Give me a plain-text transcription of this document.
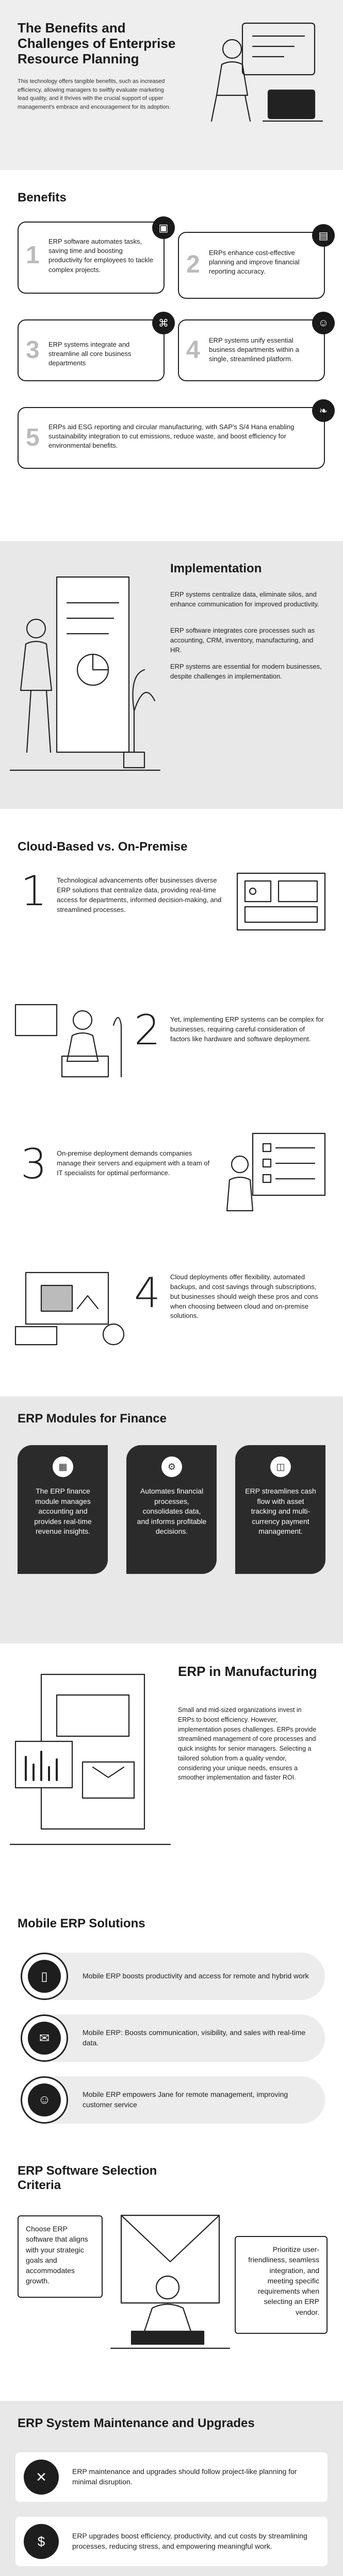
The Benefits and Challenges of Enterprise Resource Planning
This technology offers tangible benefits, such as increased efficiency, allowing managers to swiftly evaluate marketing lead quality, and it thrives with the crucial support of upper management's embrace and encouragement for its adoption.
Benefits
1
ERP software automates tasks, saving time and boosting productivity for employees to tackle complex projects.
▣
2 ERPs enhance cost-effective planning and improve financial reporting accuracy.
▤
3 ERP systems integrate and streamline all core business departments
⌘
4 ERP systems unify essential business departments within a single, streamlined platform.
☺
5 ERPs aid ESG reporting and circular manufacturing, with SAP's S/4 Hana enabling sustainability integration to cut emissions, reduce waste, and boost efficiency for environmental benefits.
❧
Implementation
ERP systems centralize data, eliminate silos, and enhance communication for improved productivity.
ERP software integrates core processes such as accounting, CRM, inventory, manufacturing, and HR.
ERP systems are essential for modern businesses, despite challenges in implementation.
Cloud-Based vs. On-Premise
1 Technological advancements offer businesses diverse ERP solutions that centralize data, providing real-time access for departments, informed decision-making, and streamlined processes.
2 Yet, implementing ERP systems can be complex for businesses, requiring careful consideration of factors like hardware and software deployment.
3 On-premise deployment demands companies manage their servers and equipment with a team of IT specialists for optimal performance.
4 Cloud deployments offer flexibility, automated backups, and cost savings through subscriptions, but businesses should weigh these pros and cons when choosing between cloud and on-premise solutions.
ERP Modules for Finance
▦
The ERP finance module manages accounting and provides real-time revenue insights.
⚙
Automates financial processes, consolidates data, and informs profitable decisions.
◫
ERP streamlines cash flow with asset tracking and multi-currency payment management.
ERP in Manufacturing
Small and mid-sized organizations invest in ERPs to boost efficiency. However, implementation poses challenges. ERPs provide streamlined management of core processes and quick insights for senior managers. Selecting a tailored solution from a quality vendor, considering your unique needs, ensures a smoother implementation and faster ROI.
Mobile ERP Solutions
▯	Mobile ERP boosts productivity and access for remote and hybrid work
✉	Mobile ERP: Boosts communication, visibility, and sales with real-time data.
☺	Mobile ERP empowers Jane for remote management, improving customer service
ERP Software Selection Criteria
Choose ERP software that aligns with your strategic goals and accommodates growth.
Prioritize user-friendliness, seamless integration, and meeting specific requirements when selecting an ERP vendor.
ERP System Maintenance and Upgrades
✕	ERP maintenance and upgrades should follow project-like planning for minimal disruption.
$	ERP upgrades boost efficiency, productivity, and cut costs by streamlining processes, reducing stress, and empowering meaningful work.
